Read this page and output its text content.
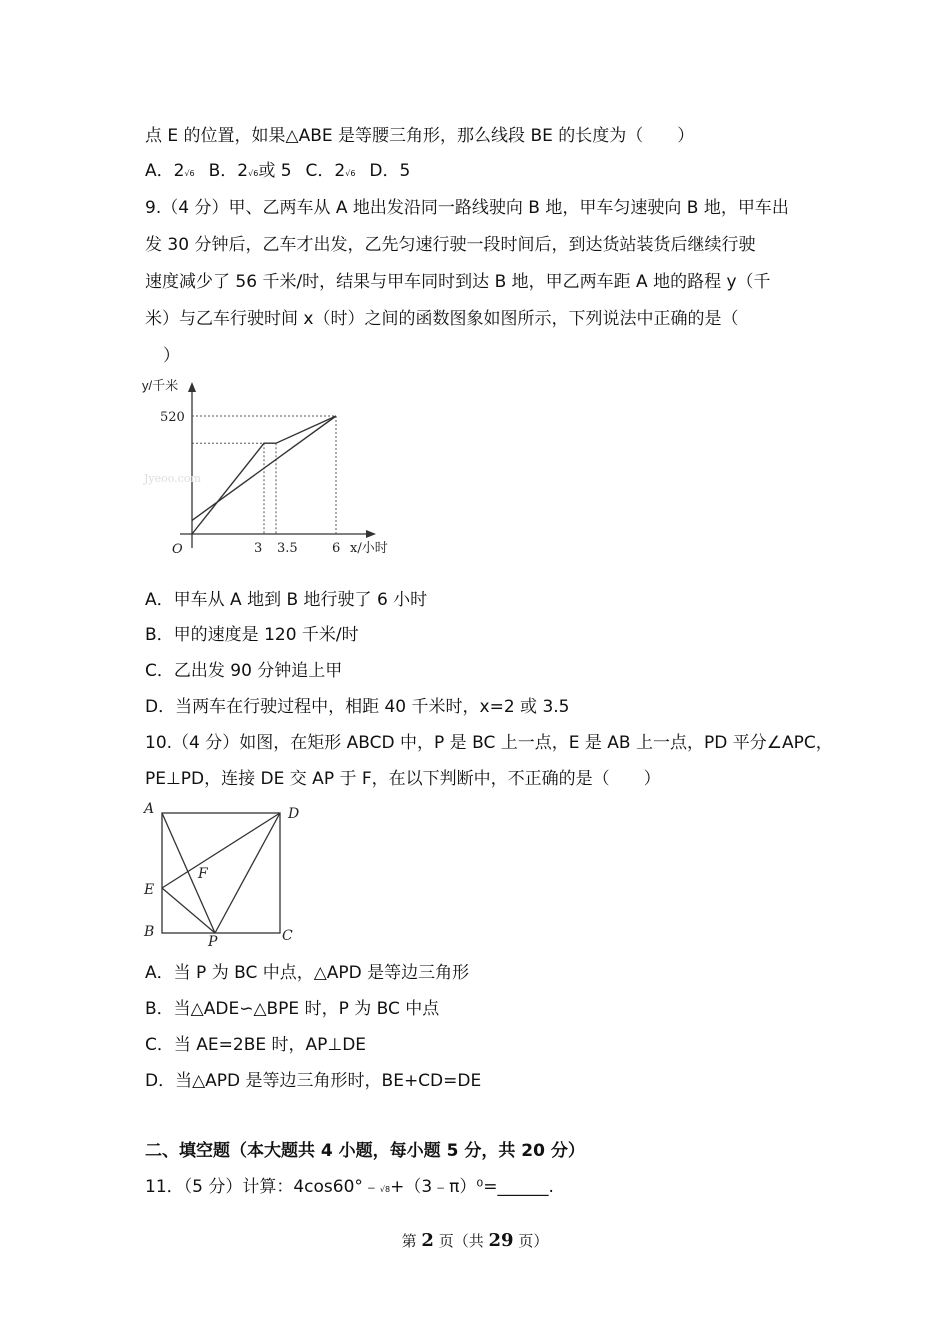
点 E 的位置，如果△ABE 是等腰三角形，那么线段 BE 的长度为（　　）
A．2√6 B．2√6或 5 C．2√6 D．5
9.（4 分）甲、乙两车从 A 地出发沿同一路线驶向 B 地，甲车匀速驶向 B 地，甲车出
发 30 分钟后，乙车才出发，乙先匀速行驶一段时间后，到达货站装货后继续行驶
速度减少了 56 千米/时，结果与甲车同时到达 B 地，甲乙两车距 A 地的路程 y（千
米）与乙车行驶时间 x（时）之间的函数图象如图所示，下列说法中正确的是（
）
y/千米
x/小时
O
Jyeoo.com
3 3.5	6
520
A．甲车从 A 地到 B 地行驶了 6 小时
B．甲的速度是 120 千米/时
C．乙出发 90 分钟追上甲
D．当两车在行驶过程中，相距 40 千米时，x=2 或 3.5
10.（4 分）如图，在矩形 ABCD 中，P 是 BC 上一点，E 是 AB 上一点，PD 平分∠APC，
PE⊥PD，连接 DE 交 AP 于 F，在以下判断中，不正确的是（　　）
A	D
E
F
B
P	C
A．当 P 为 BC 中点，△APD 是等边三角形
B．当△ADE∽△BPE 时，P 为 BC 中点
C．当 AE=2BE 时，AP⊥DE
D．当△APD 是等边三角形时，BE+CD=DE
二、填空题（本大题共 4 小题，每小题 5 分，共 20 分）
11．（5 分）计算：4cos60°﹣√8+（3﹣π）⁰=______.
第 2 页（共 29 页）
